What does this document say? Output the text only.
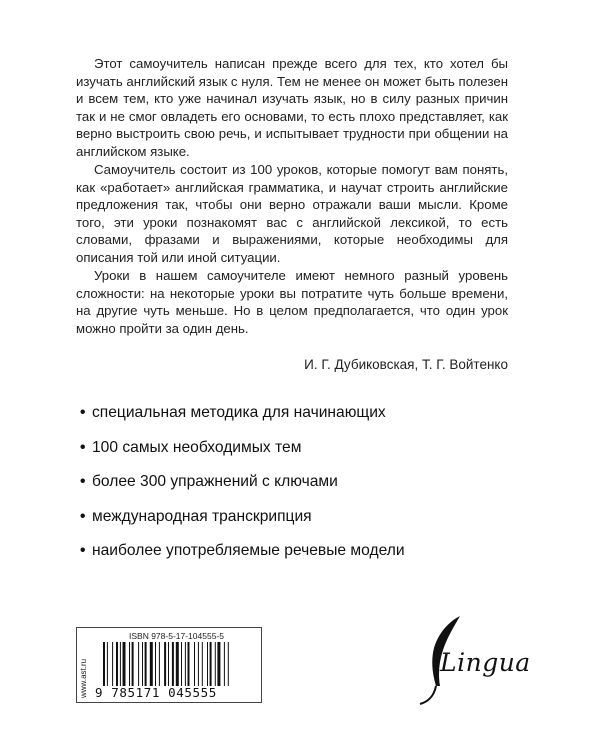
Этот самоучитель написан прежде всего для тех, кто хотел бы изучать английский язык с нуля. Тем не менее он может быть полезен и всем тем, кто уже начинал изучать язык, но в силу разных причин так и не смог овладеть его основами, то есть плохо представляет, как верно выстроить свою речь, и испытывает трудности при общении на английском языке.
Самоучитель состоит из 100 уроков, которые помогут вам понять, как «работает» английская грамматика, и научат строить английские предложения так, чтобы они верно отражали ваши мысли. Кроме того, эти уроки познакомят вас с английской лексикой, то есть словами, фразами и выражениями, которые необходимы для описания той или иной ситуации.
Уроки в нашем самоучителе имеют немного разный уровень сложности: на некоторые уроки вы потратите чуть больше времени, на другие чуть меньше. Но в целом предполагается, что один урок можно пройти за один день.
И. Г. Дубиковская, Т. Г. Войтенко
• специальная методика для начинающих
• 100 самых необходимых тем
• более 300 упражнений с ключами
• международная транскрипция
• наиболее употребляемые речевые модели
www.ast.ru
ISBN 978-5-17-104555-5
9 785171 045555
Lingua
